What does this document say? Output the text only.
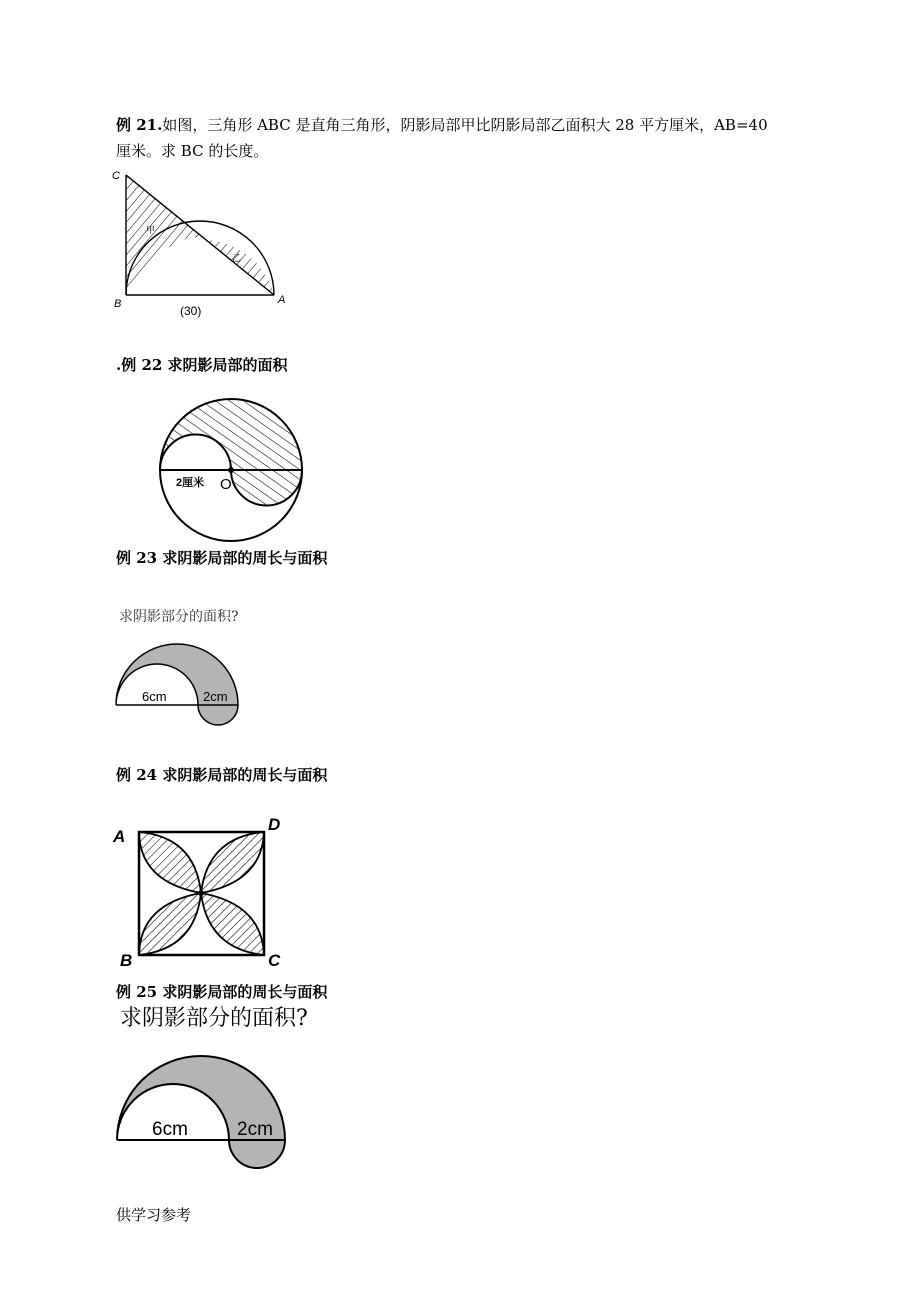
例 21.如图，三角形 ABC 是直角三角形，阴影局部甲比阴影局部乙面积大 28 平方厘米，AB=40
厘米。求 BC 的长度。
C
B	A
甲
乙
(30)
.例 22 求阴影局部的面积
2厘米 O
例 23 求阴影局部的周长与面积
求阴影部分的面积?
6cm	2cm
例 24 求阴影局部的周长与面积
A
D
B	C
例 25 求阴影局部的周长与面积
求阴影部分的面积?
6cm	2cm
供学习参考
